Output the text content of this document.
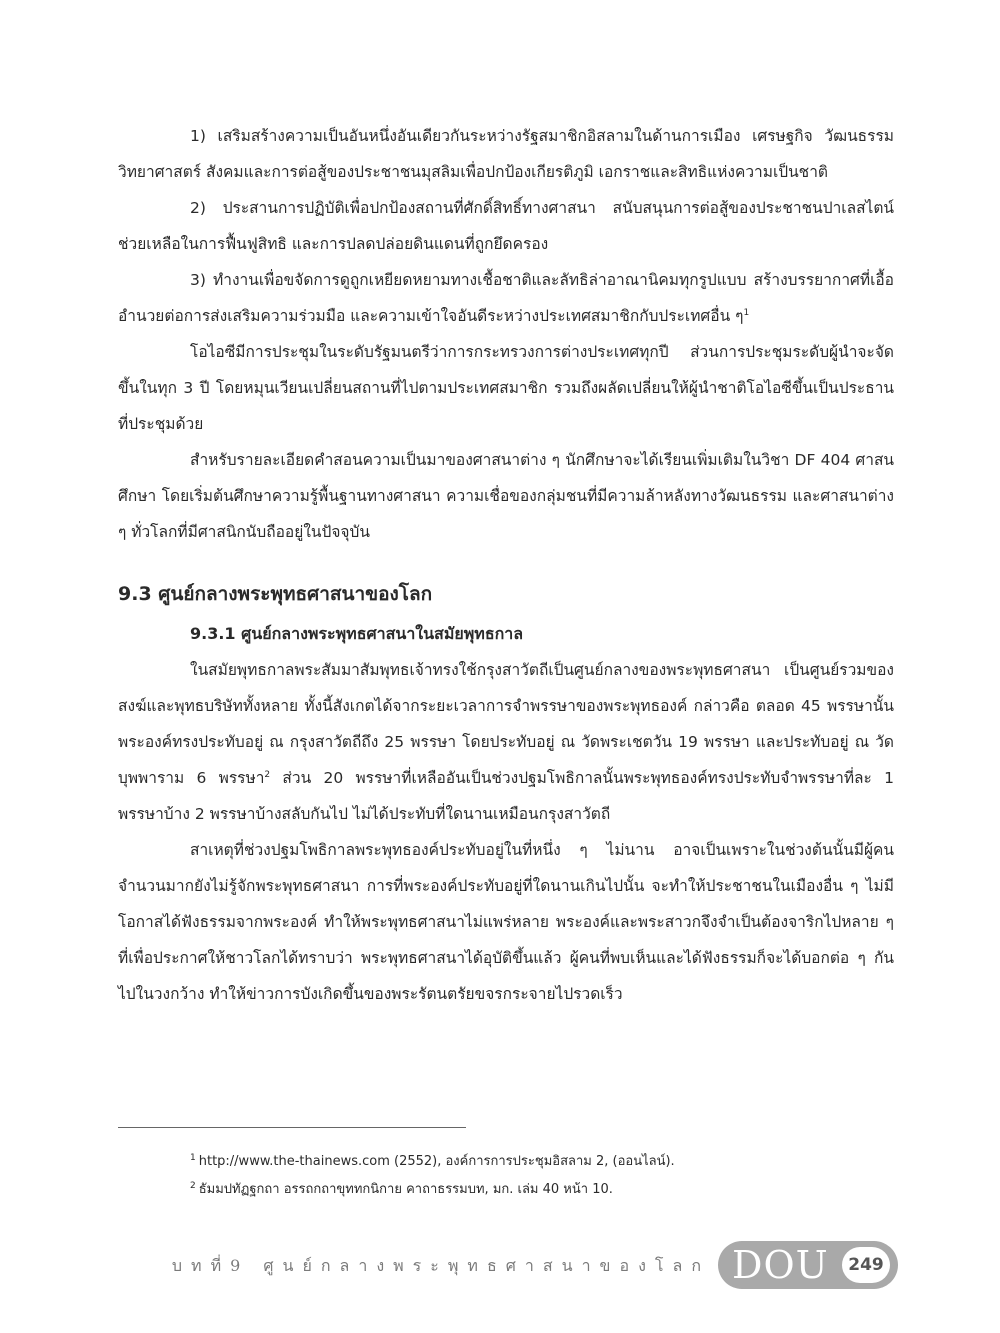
1) เสริมสร้างความเป็นอันหนึ่งอันเดียวกันระหว่างรัฐสมาชิกอิสลามในด้านการเมือง เศรษฐกิจ วัฒนธรรม วิทยาศาสตร์ สังคมและการต่อสู้ของประชาชนมุสลิมเพื่อปกป้องเกียรติภูมิ เอกราชและสิทธิแห่งความเป็นชาติ

2) ประสานการปฏิบัติเพื่อปกป้องสถานที่ศักดิ์สิทธิ์ทางศาสนา สนับสนุนการต่อสู้ของประชาชนปาเลสไตน์ ช่วยเหลือในการฟื้นฟูสิทธิ และการปลดปล่อยดินแดนที่ถูกยึดครอง

3) ทำงานเพื่อขจัดการดูถูกเหยียดหยามทางเชื้อชาติและลัทธิล่าอาณานิคมทุกรูปแบบ สร้างบรรยากาศที่เอื้ออำนวยต่อการส่งเสริมความร่วมมือ และความเข้าใจอันดีระหว่างประเทศสมาชิกกับประเทศอื่น ๆ$^1$

โอไอซีมีการประชุมในระดับรัฐมนตรีว่าการกระทรวงการต่างประเทศทุกปี ส่วนการประชุมระดับผู้นำจะจัดขึ้นในทุก 3 ปี โดยหมุนเวียนเปลี่ยนสถานที่ไปตามประเทศสมาชิก รวมถึงผลัดเปลี่ยนให้ผู้นำชาติโอไอซีขึ้นเป็นประธานที่ประชุมด้วย

สำหรับรายละเอียดคำสอนความเป็นมาของศาสนาต่าง ๆ นักศึกษาจะได้เรียนเพิ่มเติมในวิชา DF 404 ศาสนศึกษา โดยเริ่มต้นศึกษาความรู้พื้นฐานทางศาสนา ความเชื่อของกลุ่มชนที่มีความล้าหลังทางวัฒนธรรม และศาสนาต่าง ๆ ทั่วโลกที่มีศาสนิกนับถืออยู่ในปัจจุบัน

9.3 ศูนย์กลางพระพุทธศาสนาของโลก
9.3.1 ศูนย์กลางพระพุทธศาสนาในสมัยพุทธกาล

ในสมัยพุทธกาลพระสัมมาสัมพุทธเจ้าทรงใช้กรุงสาวัตถีเป็นศูนย์กลางของพระพุทธศาสนา เป็นศูนย์รวมของสงฆ์และพุทธบริษัททั้งหลาย ทั้งนี้สังเกตได้จากระยะเวลาการจำพรรษาของพระพุทธองค์ กล่าวคือ ตลอด 45 พรรษานั้นพระองค์ทรงประทับอยู่ ณ กรุงสาวัตถีถึง 25 พรรษา โดยประทับอยู่ ณ วัดพระเชตวัน 19 พรรษา และประทับอยู่ ณ วัดบุพพาราม 6 พรรษา$^2$ ส่วน 20 พรรษาที่เหลืออันเป็นช่วงปฐมโพธิกาลนั้นพระพุทธองค์ทรงประทับจำพรรษาที่ละ 1 พรรษาบ้าง 2 พรรษาบ้างสลับกันไป ไม่ได้ประทับที่ใดนานเหมือนกรุงสาวัตถี

สาเหตุที่ช่วงปฐมโพธิกาลพระพุทธองค์ประทับอยู่ในที่หนึ่ง ๆ ไม่นาน อาจเป็นเพราะในช่วงต้นนั้นมีผู้คนจำนวนมากยังไม่รู้จักพระพุทธศาสนา การที่พระองค์ประทับอยู่ที่ใดนานเกินไปนั้น จะทำให้ประชาชนในเมืองอื่น ๆ ไม่มีโอกาสได้ฟังธรรมจากพระองค์ ทำให้พระพุทธศาสนาไม่แพร่หลาย พระองค์และพระสาวกจึงจำเป็นต้องจาริกไปหลาย ๆ ที่เพื่อประกาศให้ชาวโลกได้ทราบว่า พระพุทธศาสนาได้อุบัติขึ้นแล้ว ผู้คนที่พบเห็นและได้ฟังธรรมก็จะได้บอกต่อ ๆ กันไปในวงกว้าง ทำให้ข่าวการบังเกิดขึ้นของพระรัตนตรัยขจรกระจายไปรวดเร็ว

$^1$ http://www.the-thainews.com (2552), องค์การการประชุมอิสลาม 2, (ออนไลน์).

$^2$ ธัมมปทัฏฐกถา อรรถกถาขุททกนิกาย คาถาธรรมบท, มก. เล่ม 40 หน้า 10.

บทที่9 ศูนย์กลางพระพุทธศาสนาของโลก DOU	249
